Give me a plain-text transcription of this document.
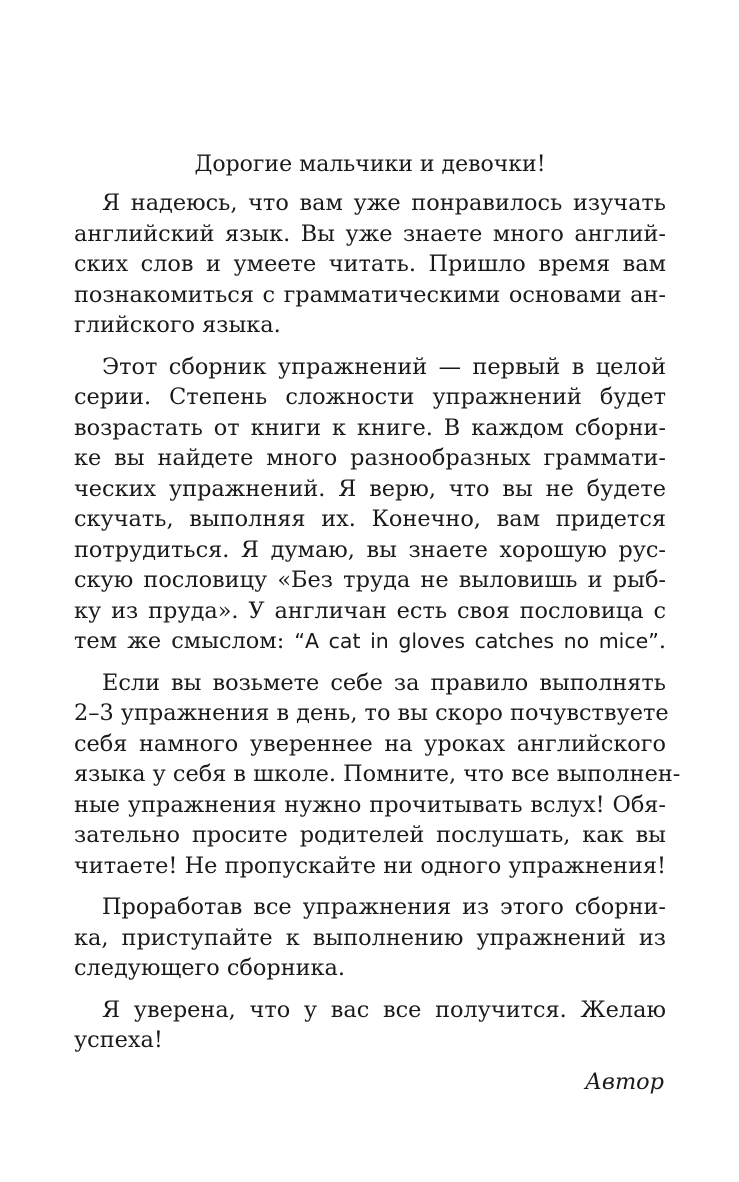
Дорогие мальчики и девочки!
Я надеюсь, что вам уже понравилось изучать
английский язык. Вы уже знаете много англий-
ских слов и умеете читать. Пришло время вам
познакомиться с грамматическими основами ан-
глийского языка.
Этот сборник упражнений — первый в целой
серии. Степень сложности упражнений будет
возрастать от книги к книге. В каждом сборни-
ке вы найдете много разнообразных граммати-
ческих упражнений. Я верю, что вы не будете
скучать, выполняя их. Конечно, вам придется
потрудиться. Я думаю, вы знаете хорошую рус-
скую пословицу «Без труда не выловишь и рыб-
ку из пруда». У англичан есть своя пословица с
тем же смыслом: “A cat in gloves catches no mice”.
Если вы возьмете себе за правило выполнять
2–3 упражнения в день, то вы скоро почувствуете
себя намного увереннее на уроках английского
языка у себя в школе. Помните, что все выполнен-
ные упражнения нужно прочитывать вслух! Обя-
зательно просите родителей послушать, как вы
читаете! Не пропускайте ни одного упражнения!
Проработав все упражнения из этого сборни-
ка, приступайте к выполнению упражнений из
следующего сборника.
Я уверена, что у вас все получится. Желаю
успеха!
Автор
